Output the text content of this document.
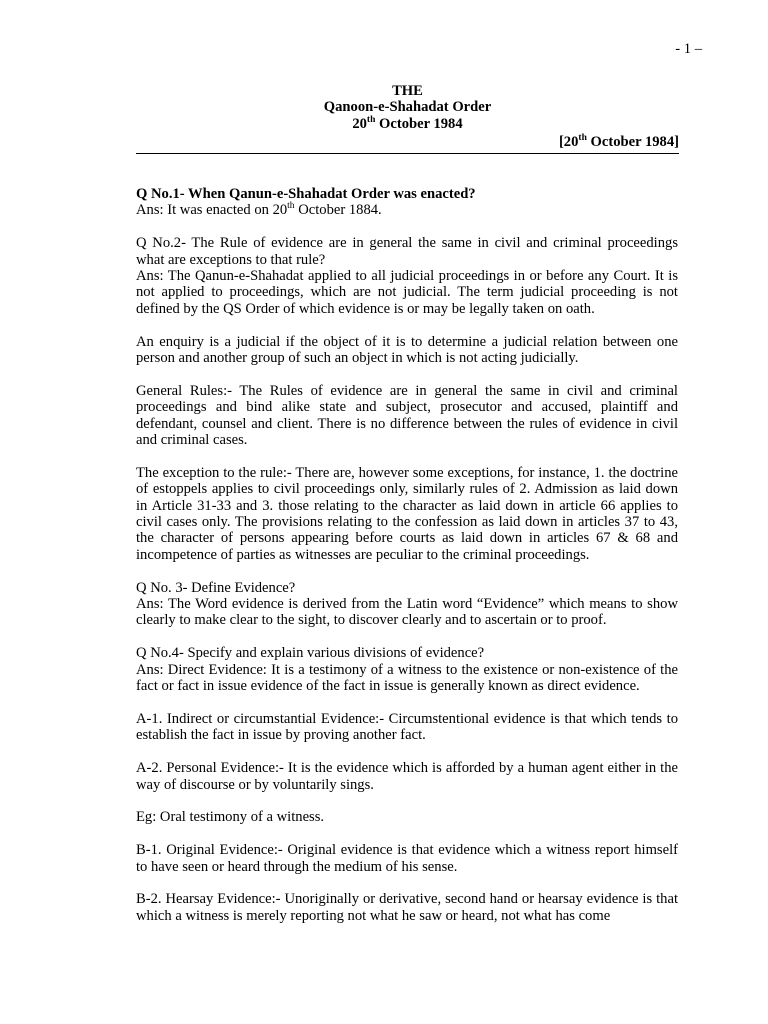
- 1 –
THE
Qanoon-e-Shahadat Order
20th October 1984
[20th October 1984]

Q No.1- When Qanun-e-Shahadat Order was enacted?
Ans: It was enacted on 20th October 1884.

Q No.2- The Rule of evidence are in general the same in civil and criminal proceedings what are exceptions to that rule?
Ans: The Qanun-e-Shahadat applied to all judicial proceedings in or before any Court. It is not applied to proceedings, which are not judicial. The term judicial proceeding is not defined by the QS Order of which evidence is or may be legally taken on oath.

An enquiry is a judicial if the object of it is to determine a judicial relation between one person and another group of such an object in which is not acting judicially.

General Rules:- The Rules of evidence are in general the same in civil and criminal proceedings and bind alike state and subject, prosecutor and accused, plaintiff and defendant, counsel and client. There is no difference between the rules of evidence in civil and criminal cases.

The exception to the rule:- There are, however some exceptions, for instance, 1. the doctrine of estoppels applies to civil proceedings only, similarly rules of 2. Admission as laid down in Article 31-33 and 3. those relating to the character as laid down in article 66 applies to civil cases only. The provisions relating to the confession as laid down in articles 37 to 43, the character of persons appearing before courts as laid down in articles 67 & 68 and incompetence of parties as witnesses are peculiar to the criminal proceedings.

Q No. 3- Define Evidence?
Ans: The Word evidence is derived from the Latin word “Evidence” which means to show clearly to make clear to the sight, to discover clearly and to ascertain or to proof.

Q No.4- Specify and explain various divisions of evidence?
Ans: Direct Evidence: It is a testimony of a witness to the existence or non-existence of the fact or fact in issue evidence of the fact in issue is generally known as direct evidence.

A-1. Indirect or circumstantial Evidence:- Circumstentional evidence is that which tends to establish the fact in issue by proving another fact.

A-2. Personal Evidence:- It is the evidence which is afforded by a human agent either in the way of discourse or by voluntarily sings.

Eg: Oral testimony of a witness.

B-1. Original Evidence:- Original evidence is that evidence which a witness report himself to have seen or heard through the medium of his sense.

B-2. Hearsay Evidence:- Unoriginally or derivative, second hand or hearsay evidence is that which a witness is merely reporting not what he saw or heard, not what has come
